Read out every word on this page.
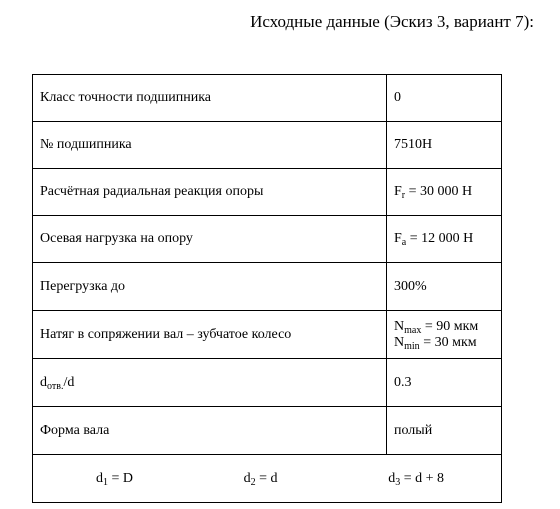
Исходные данные (Эскиз 3, вариант 7):
Класс точности подшипника	0
№ подшипника	7510Н
Расчётная радиальная реакция опоры	$F_r = 30$ 000 Н
Осевая нагрузка на опору	$F_a = 12$ 000 Н
Перегрузка до	300%
Натяг в сопряжении вал – зубчатое колесо	$N_{max} = 90$ мкм
$N_{min} = 30$ мкм

$d_{отв.}/d$	0.3
Форма вала	полый

$d_1 = D$ $d_2 = d$ $d_3 = d + 8$	
